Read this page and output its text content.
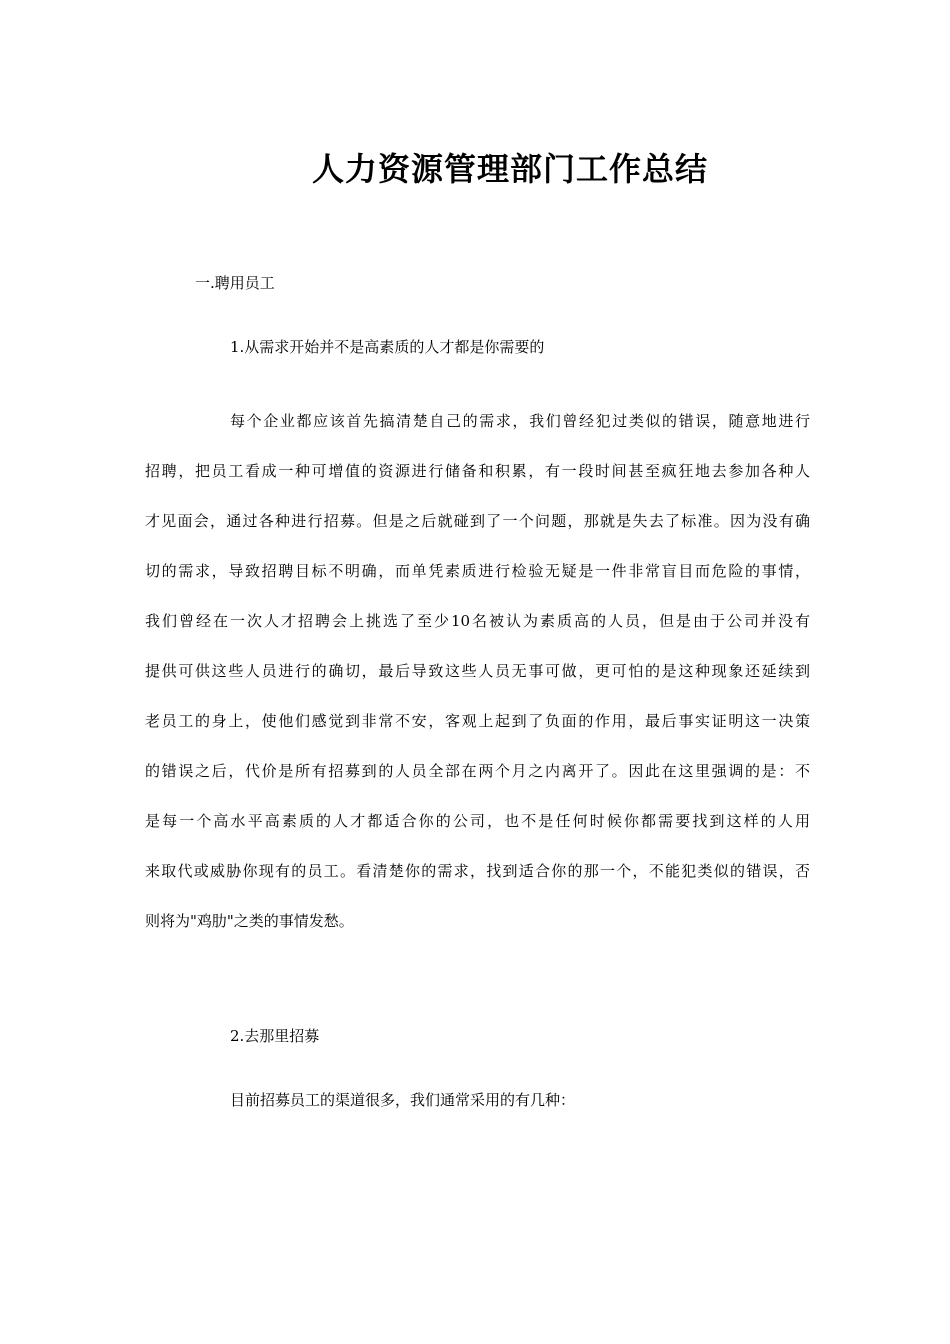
人力资源管理部门工作总结
一.聘用员工
1.从需求开始并不是高素质的人才都是你需要的
每个企业都应该首先搞清楚自己的需求，我们曾经犯过类似的错误，随意地进行
招聘，把员工看成一种可增值的资源进行储备和积累，有一段时间甚至疯狂地去参加各种人
才见面会，通过各种进行招募。但是之后就碰到了一个问题，那就是失去了标准。因为没有确
切的需求，导致招聘目标不明确，而单凭素质进行检验无疑是一件非常盲目而危险的事情，
我们曾经在一次人才招聘会上挑选了至少10名被认为素质高的人员，但是由于公司并没有
提供可供这些人员进行的确切，最后导致这些人员无事可做，更可怕的是这种现象还延续到
老员工的身上，使他们感觉到非常不安，客观上起到了负面的作用，最后事实证明这一决策
的错误之后，代价是所有招募到的人员全部在两个月之内离开了。因此在这里强调的是：不
是每一个高水平高素质的人才都适合你的公司，也不是任何时候你都需要找到这样的人用
来取代或威胁你现有的员工。看清楚你的需求，找到适合你的那一个，不能犯类似的错误，否
则将为"鸡肋"之类的事情发愁。
2.去那里招募
目前招募员工的渠道很多，我们通常采用的有几种：
